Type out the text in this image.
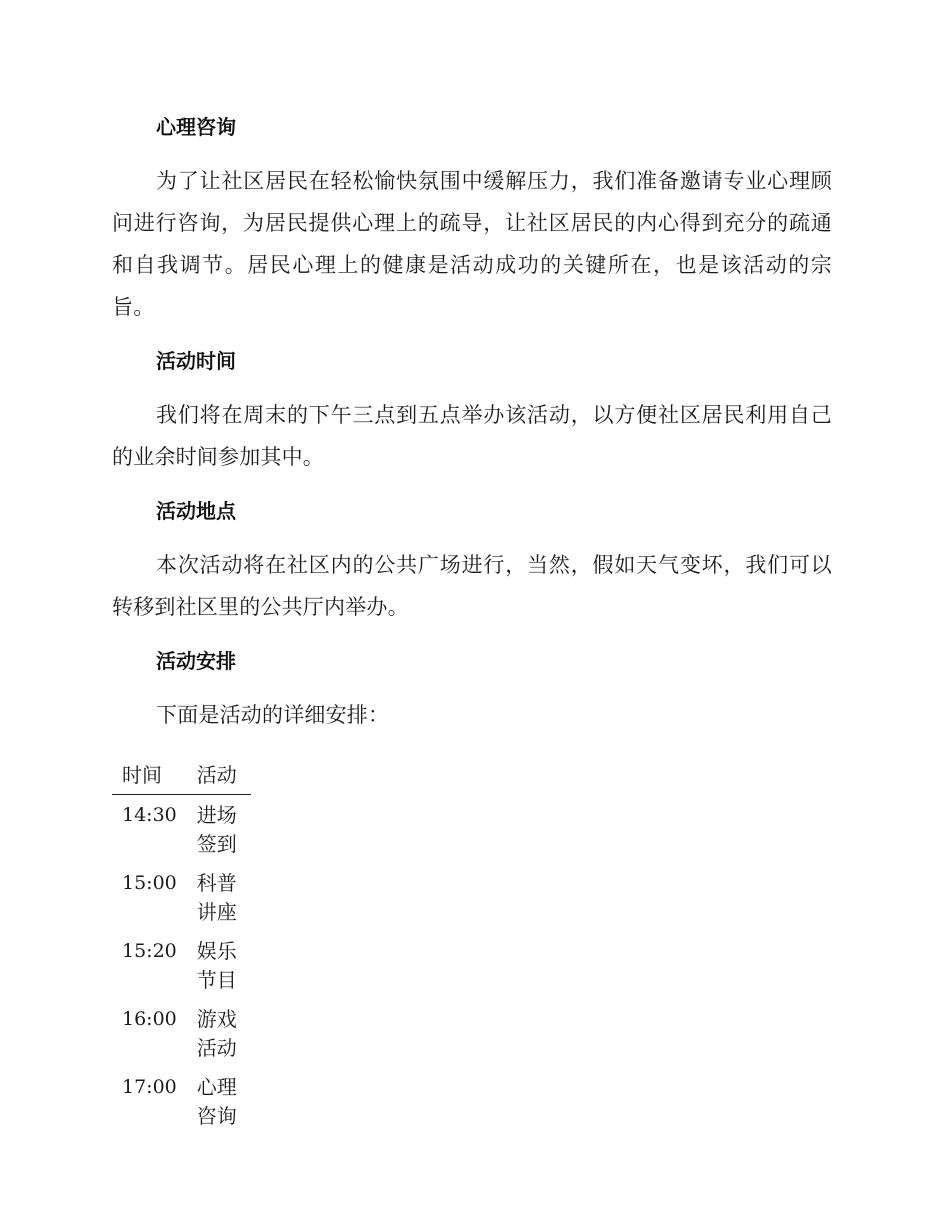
心理咨询

为了让社区居民在轻松愉快氛围中缓解压力，我们准备邀请专业心理顾问进行咨询，为居民提供心理上的疏导，让社区居民的内心得到充分的疏通和自我调节。居民心理上的健康是活动成功的关键所在，也是该活动的宗旨。

活动时间

我们将在周末的下午三点到五点举办该活动，以方便社区居民利用自己的业余时间参加其中。

活动地点

本次活动将在社区内的公共广场进行，当然，假如天气变坏，我们可以转移到社区里的公共厅内举办。

活动安排

下面是活动的详细安排：

时间	活动
14:30	进场签到
15:00	科普讲座
15:20	娱乐节目
16:00	游戏活动
17:00	心理咨询
